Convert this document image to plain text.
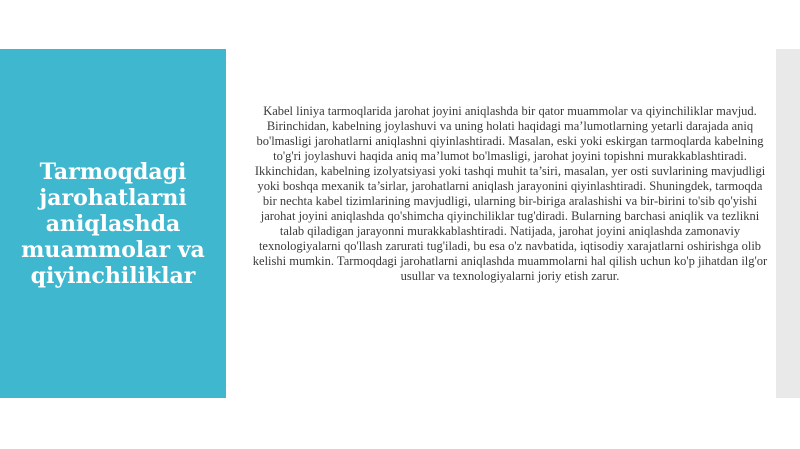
Tarmoqdagi jarohatlarni aniqlashda muammolar va qiyinchiliklar

Kabel liniya tarmoqlarida jarohat joyini aniqlashda bir qator muammolar va qiyinchiliklar mavjud. Birinchidan, kabelning joylashuvi va uning holati haqidagi ma’lumotlarning yetarli darajada aniq bo'lmasligi jarohatlarni aniqlashni qiyinlashtiradi. Masalan, eski yoki eskirgan tarmoqlarda kabelning to'g'ri joylashuvi haqida aniq ma’lumot bo'lmasligi, jarohat joyini topishni murakkablashtiradi. Ikkinchidan, kabelning izolyatsiyasi yoki tashqi muhit ta’siri, masalan, yer osti suvlarining mavjudligi yoki boshqa mexanik ta’sirlar, jarohatlarni aniqlash jarayonini qiyinlashtiradi. Shuningdek, tarmoqda bir nechta kabel tizimlarining mavjudligi, ularning bir-biriga aralashishi va bir-birini to'sib qo'yishi jarohat joyini aniqlashda qo'shimcha qiyinchiliklar tug'diradi. Bularning barchasi aniqlik va tezlikni talab qiladigan jarayonni murakkablashtiradi. Natijada, jarohat joyini aniqlashda zamonaviy texnologiyalarni qo'llash zarurati tug'iladi, bu esa o'z navbatida, iqtisodiy xarajatlarni oshirishga olib kelishi mumkin. Tarmoqdagi jarohatlarni aniqlashda muammolarni hal qilish uchun ko'p jihatdan ilg'or usullar va texnologiyalarni joriy etish zarur.
